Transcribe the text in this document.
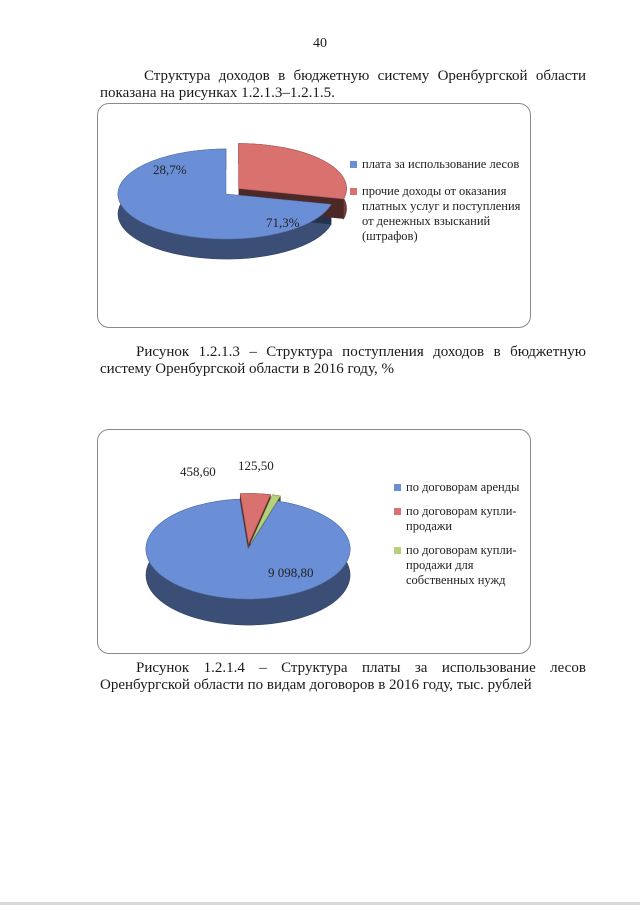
40
Структура доходов в бюджетную систему Оренбургской области показана на рисунках 1.2.1.3–1.2.1.5.
71,3%
28,7%	плата за использование лесов
прочие доходы от оказания платных услуг и поступления от денежных взысканий (штрафов)
Рисунок 1.2.1.3 – Структура поступления доходов в бюджетную
систему Оренбургской области в 2016 году, %
9 098,80
458,60 125,50
по договорам аренды
по договорам купли-продажи
по договорам купли-продажи для собственных нужд
Рисунок 1.2.1.4 – Структура платы за использование лесов
Оренбургской области по видам договоров в 2016 году, тыс. рублей
